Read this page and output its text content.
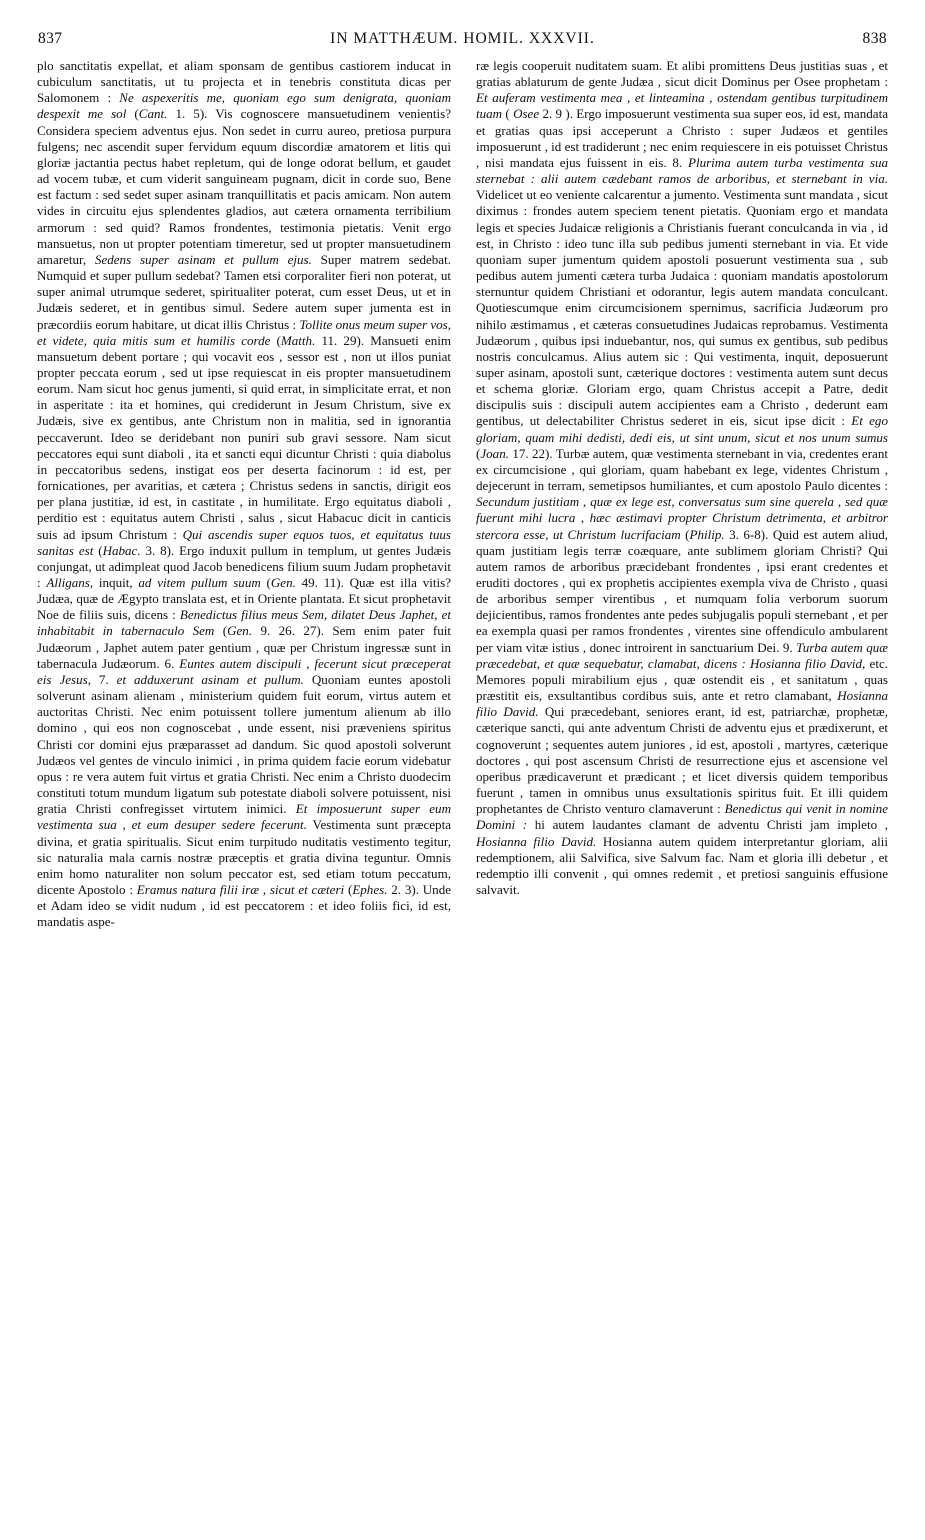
837	IN MATTHÆUM. HOMIL. XXXVII.	838

plo sanctitatis expellat, et aliam sponsam de gentibus castiorem inducat in cubiculum sanctitatis, ut tu projecta et in tenebris constituta dicas per Salomonem : Ne aspexeritis me, quoniam ego sum denigrata, quoniam despexit me sol (Cant. 1. 5). Vis cognoscere mansuetudinem venientis? Considera speciem adventus ejus. Non sedet in curru aureo, pretiosa purpura fulgens; nec ascendit super fervidum equum discordiæ amatorem et litis qui gloriæ jactantia pectus habet repletum, qui de longe odorat bellum, et gaudet ad vocem tubæ, et cum viderit sanguineam pugnam, dicit in corde suo, Bene est factum : sed sedet super asinam tranquillitatis et pacis amicam. Non autem vides in circuitu ejus splendentes gladios, aut cætera ornamenta terribilium armorum : sed quid? Ramos frondentes, testimonia pietatis. Venit ergo mansuetus, non ut propter potentiam timeretur, sed ut propter mansuetudinem amaretur, Sedens super asinam et pullum ejus. Super matrem sedebat. Numquid et super pullum sedebat? Tamen etsi corporaliter fieri non poterat, ut super animal utrumque sederet, spiritualiter poterat, cum esset Deus, ut et in Judæis sederet, et in gentibus simul. Sedere autem super jumenta est in præcordiis eorum habitare, ut dicat illis Christus : Tollite onus meum super vos, et videte, quia mitis sum et humilis corde (Matth. 11. 29). Mansueti enim mansuetum debent portare ; qui vocavit eos , sessor est , non ut illos puniat propter peccata eorum , sed ut ipse requiescat in eis propter mansuetudinem eorum. Nam sicut hoc genus jumenti, si quid errat, in simplicitate errat, et non in asperitate : ita et homines, qui crediderunt in Jesum Christum, sive ex Judæis, sive ex gentibus, ante Christum non in malitia, sed in ignorantia peccaverunt. Ideo se deridebant non puniri sub gravi sessore. Nam sicut peccatores equi sunt diaboli , ita et sancti equi dicuntur Christi : quia diabolus in peccatoribus sedens, instigat eos per deserta facinorum : id est, per fornicationes, per avaritias, et cætera ; Christus sedens in sanctis, dirigit eos per plana justitiæ, id est, in castitate , in humilitate. Ergo equitatus diaboli , perditio est : equitatus autem Christi , salus , sicut Habacuc dicit in canticis suis ad ipsum Christum : Qui ascendis super equos tuos, et equitatus tuus sanitas est (Habac. 3. 8). Ergo induxit pullum in templum, ut gentes Judæis conjungat, ut adimpleat quod Jacob benedicens filium suum Judam prophetavit : Alligans, inquit, ad vitem pullum suum (Gen. 49. 11). Quæ est illa vitis? Judæa, quæ de Ægypto translata est, et in Oriente plantata. Et sicut prophetavit Noe de filiis suis, dicens : Benedictus filius meus Sem, dilatet Deus Japhet, et inhabitabit in tabernaculo Sem (Gen. 9. 26. 27). Sem enim pater fuit Judæorum , Japhet autem pater gentium , quæ per Christum ingressæ sunt in tabernacula Judæorum. 6. Euntes autem discipuli , fecerunt sicut præceperat eis Jesus, 7. et adduxerunt asinam et pullum. Quoniam euntes apostoli solverunt asinam alienam , ministerium quidem fuit eorum, virtus autem et auctoritas Christi. Nec enim potuissent tollere jumentum alienum ab illo domino , qui eos non cognoscebat , unde essent, nisi præveniens spiritus Christi cor domini ejus præparasset ad dandum. Sic quod apostoli solverunt Judæos vel gentes de vinculo inimici , in prima quidem facie eorum videbatur opus : re vera autem fuit virtus et gratia Christi. Nec enim a Christo duodecim constituti totum mundum ligatum sub potestate diaboli solvere potuissent, nisi gratia Christi confregisset virtutem inimici. Et imposuerunt super eum vestimenta sua , et eum desuper sedere fecerunt. Vestimenta sunt præcepta divina, et gratia spiritualis. Sicut enim turpitudo nuditatis vestimento tegitur, sic naturalia mala carnis nostræ præceptis et gratia divina teguntur. Omnis enim homo naturaliter non solum peccator est, sed etiam totum peccatum, dicente Apostolo : Eramus natura filii iræ , sicut et cæteri (Ephes. 2. 3). Unde et Adam ideo se vidit nudum , id est peccatorem : et ideo foliis fici, id est, mandatis aspe-

ræ legis cooperuit nuditatem suam. Et alibi promittens Deus justitias suas , et gratias ablaturum de gente Judæa , sicut dicit Dominus per Osee prophetam : Et auferam vestimenta mea , et linteamina , ostendam gentibus turpitudinem tuam ( Osee 2. 9 ). Ergo imposuerunt vestimenta sua super eos, id est, mandata et gratias quas ipsi acceperunt a Christo : super Judæos et gentiles imposuerunt , id est tradiderunt ; nec enim requiescere in eis potuisset Christus , nisi mandata ejus fuissent in eis. 8. Plurima autem turba vestimenta sua sternebat : alii autem cædebant ramos de arboribus, et sternebant in via. Videlicet ut eo veniente calcarentur a jumento. Vestimenta sunt mandata , sicut diximus : frondes autem speciem tenent pietatis. Quoniam ergo et mandata legis et species Judaicæ religionis a Christianis fuerant conculcanda in via , id est, in Christo : ideo tunc illa sub pedibus jumenti sternebant in via. Et vide quoniam super jumentum quidem apostoli posuerunt vestimenta sua , sub pedibus autem jumenti cætera turba Judaica : quoniam mandatis apostolorum sternuntur quidem Christiani et odorantur, legis autem mandata conculcant. Quotiescumque enim circumcisionem spernimus, sacrificia Judæorum pro nihilo æstimamus , et cæteras consuetudines Judaicas reprobamus. Vestimenta Judæorum , quibus ipsi induebantur, nos, qui sumus ex gentibus, sub pedibus nostris conculcamus. Alius autem sic : Qui vestimenta, inquit, deposuerunt super asinam, apostoli sunt, cæterique doctores : vestimenta autem sunt decus et schema gloriæ. Gloriam ergo, quam Christus accepit a Patre, dedit discipulis suis : discipuli autem accipientes eam a Christo , dederunt eam gentibus, ut delectabiliter Christus sederet in eis, sicut ipse dicit : Et ego gloriam, quam mihi dedisti, dedi eis, ut sint unum, sicut et nos unum sumus (Joan. 17. 22). Turbæ autem, quæ vestimenta sternebant in via, credentes erant ex circumcisione , qui gloriam, quam habebant ex lege, videntes Christum , dejecerunt in terram, semetipsos humiliantes, et cum apostolo Paulo dicentes : Secundum justitiam , quæ ex lege est, conversatus sum sine querela , sed quæ fuerunt mihi lucra , hæc æstimavi propter Christum detrimenta, et arbitror stercora esse, ut Christum lucrifaciam (Philip. 3. 6-8). Quid est autem aliud, quam justitiam legis terræ coæquare, ante sublimem gloriam Christi? Qui autem ramos de arboribus præcidebant frondentes , ipsi erant credentes et eruditi doctores , qui ex prophetis accipientes exempla viva de Christo , quasi de arboribus semper virentibus , et numquam folia verborum suorum dejicientibus, ramos frondentes ante pedes subjugalis populi sternebant , et per ea exempla quasi per ramos frondentes , virentes sine offendiculo ambularent per viam vitæ istius , donec introirent in sanctuarium Dei. 9. Turba autem quæ præcedebat, et quæ sequebatur, clamabat, dicens : Hosianna filio David, etc. Memores populi mirabilium ejus , quæ ostendit eis , et sanitatum , quas præstitit eis, exsultantibus cordibus suis, ante et retro clamabant, Hosianna filio David. Qui præcedebant, seniores erant, id est, patriarchæ, prophetæ, cæterique sancti, qui ante adventum Christi de adventu ejus et prædixerunt, et cognoverunt ; sequentes autem juniores , id est, apostoli , martyres, cæterique doctores , qui post ascensum Christi de resurrectione ejus et ascensione vel operibus prædicaverunt et prædicant ; et licet diversis quidem temporibus fuerunt , tamen in omnibus unus exsultationis spiritus fuit. Et illi quidem prophetantes de Christo venturo clamaverunt : Benedictus qui venit in nomine Domini : hi autem laudantes clamant de adventu Christi jam impleto , Hosianna filio David. Hosianna autem quidem interpretantur gloriam, alii redemptionem, alii Salvifica, sive Salvum fac. Nam et gloria illi debetur , et redemptio illi convenit , qui omnes redemit , et pretiosi sanguinis effusione salvavit.
